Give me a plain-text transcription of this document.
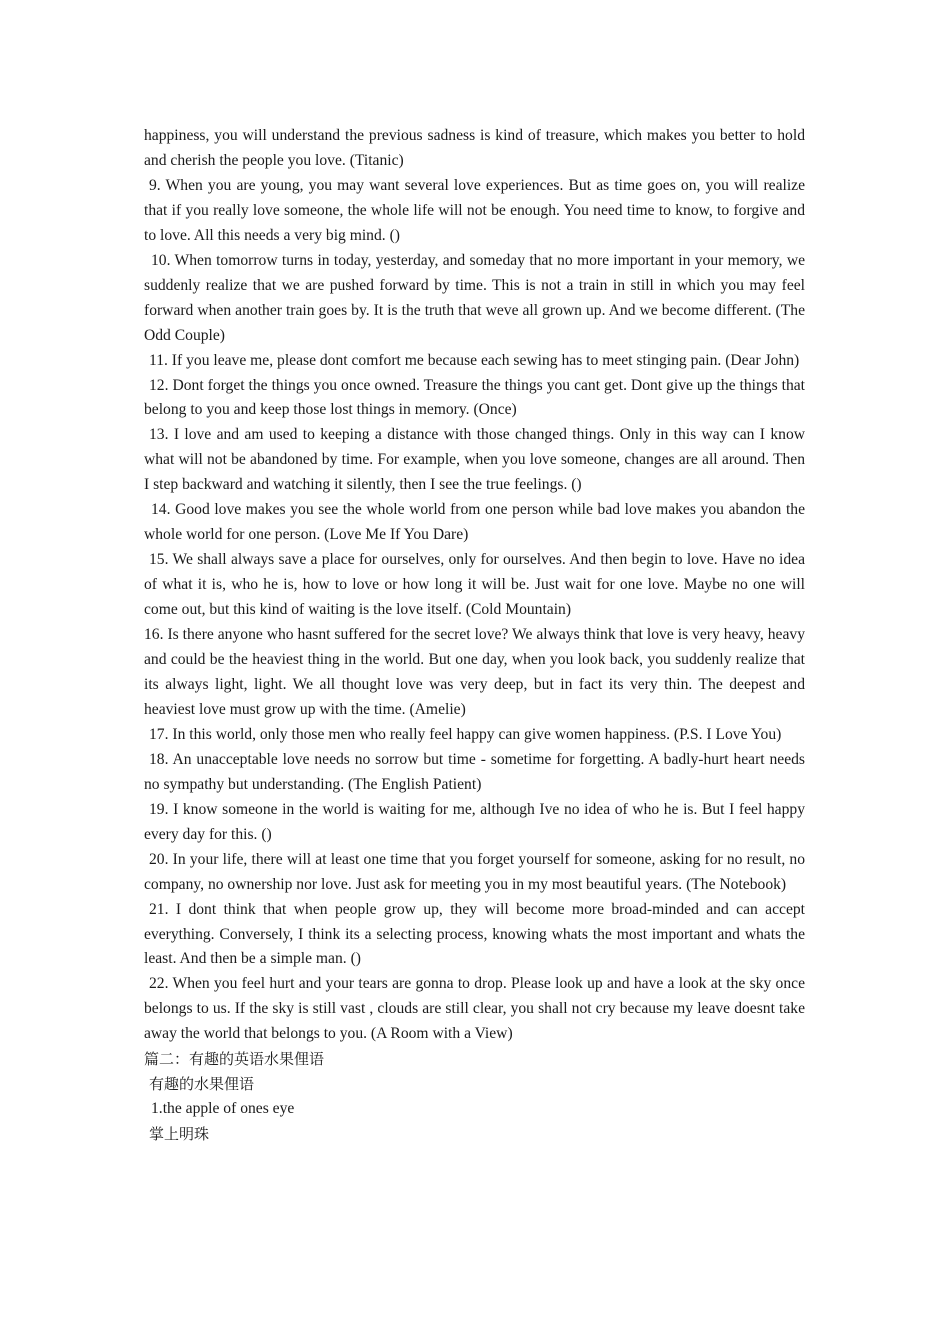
happiness, you will understand the previous sadness is kind of treasure, which makes you better to hold and cherish the people you love. (Titanic)

9. When you are young, you may want several love experiences. But as time goes on, you will realize that if you really love someone, the whole life will not be enough. You need time to know, to forgive and to love. All this needs a very big mind. ()

10. When tomorrow turns in today, yesterday, and someday that no more important in your memory, we suddenly realize that we are pushed forward by time. This is not a train in still in which you may feel forward when another train goes by. It is the truth that weve all grown up. And we become different. (The Odd Couple)

11. If you leave me, please dont comfort me because each sewing has to meet stinging pain. (Dear John)

12. Dont forget the things you once owned. Treasure the things you cant get. Dont give up the things that belong to you and keep those lost things in memory. (Once)

13. I love and am used to keeping a distance with those changed things. Only in this way can I know what will not be abandoned by time. For example, when you love someone, changes are all around. Then I step backward and watching it silently, then I see the true feelings. ()

14. Good love makes you see the whole world from one person while bad love makes you abandon the whole world for one person. (Love Me If You Dare)

15. We shall always save a place for ourselves, only for ourselves. And then begin to love. Have no idea of what it is, who he is, how to love or how long it will be. Just wait for one love. Maybe no one will come out, but this kind of waiting is the love itself. (Cold Mountain)

16. Is there anyone who hasnt suffered for the secret love? We always think that love is very heavy, heavy and could be the heaviest thing in the world. But one day, when you look back, you suddenly realize that its always light, light. We all thought love was very deep, but in fact its very thin. The deepest and heaviest love must grow up with the time. (Amelie)

17. In this world, only those men who really feel happy can give women happiness. (P.S. I Love You)

18. An unacceptable love needs no sorrow but time - sometime for forgetting. A badly-hurt heart needs no sympathy but understanding. (The English Patient)

19. I know someone in the world is waiting for me, although Ive no idea of who he is. But I feel happy every day for this. ()

20. In your life, there will at least one time that you forget yourself for someone, asking for no result, no company, no ownership nor love. Just ask for meeting you in my most beautiful years. (The Notebook)

21. I dont think that when people grow up, they will become more broad-minded and can accept everything. Conversely, I think its a selecting process, knowing whats the most important and whats the least. And then be a simple man. ()

22. When you feel hurt and your tears are gonna to drop. Please look up and have a look at the sky once belongs to us. If the sky is still vast , clouds are still clear, you shall not cry because my leave doesnt take away the world that belongs to you. (A Room with a View)

篇二：有趣的英语水果俚语

有趣的水果俚语

1.the apple of ones eye

掌上明珠
